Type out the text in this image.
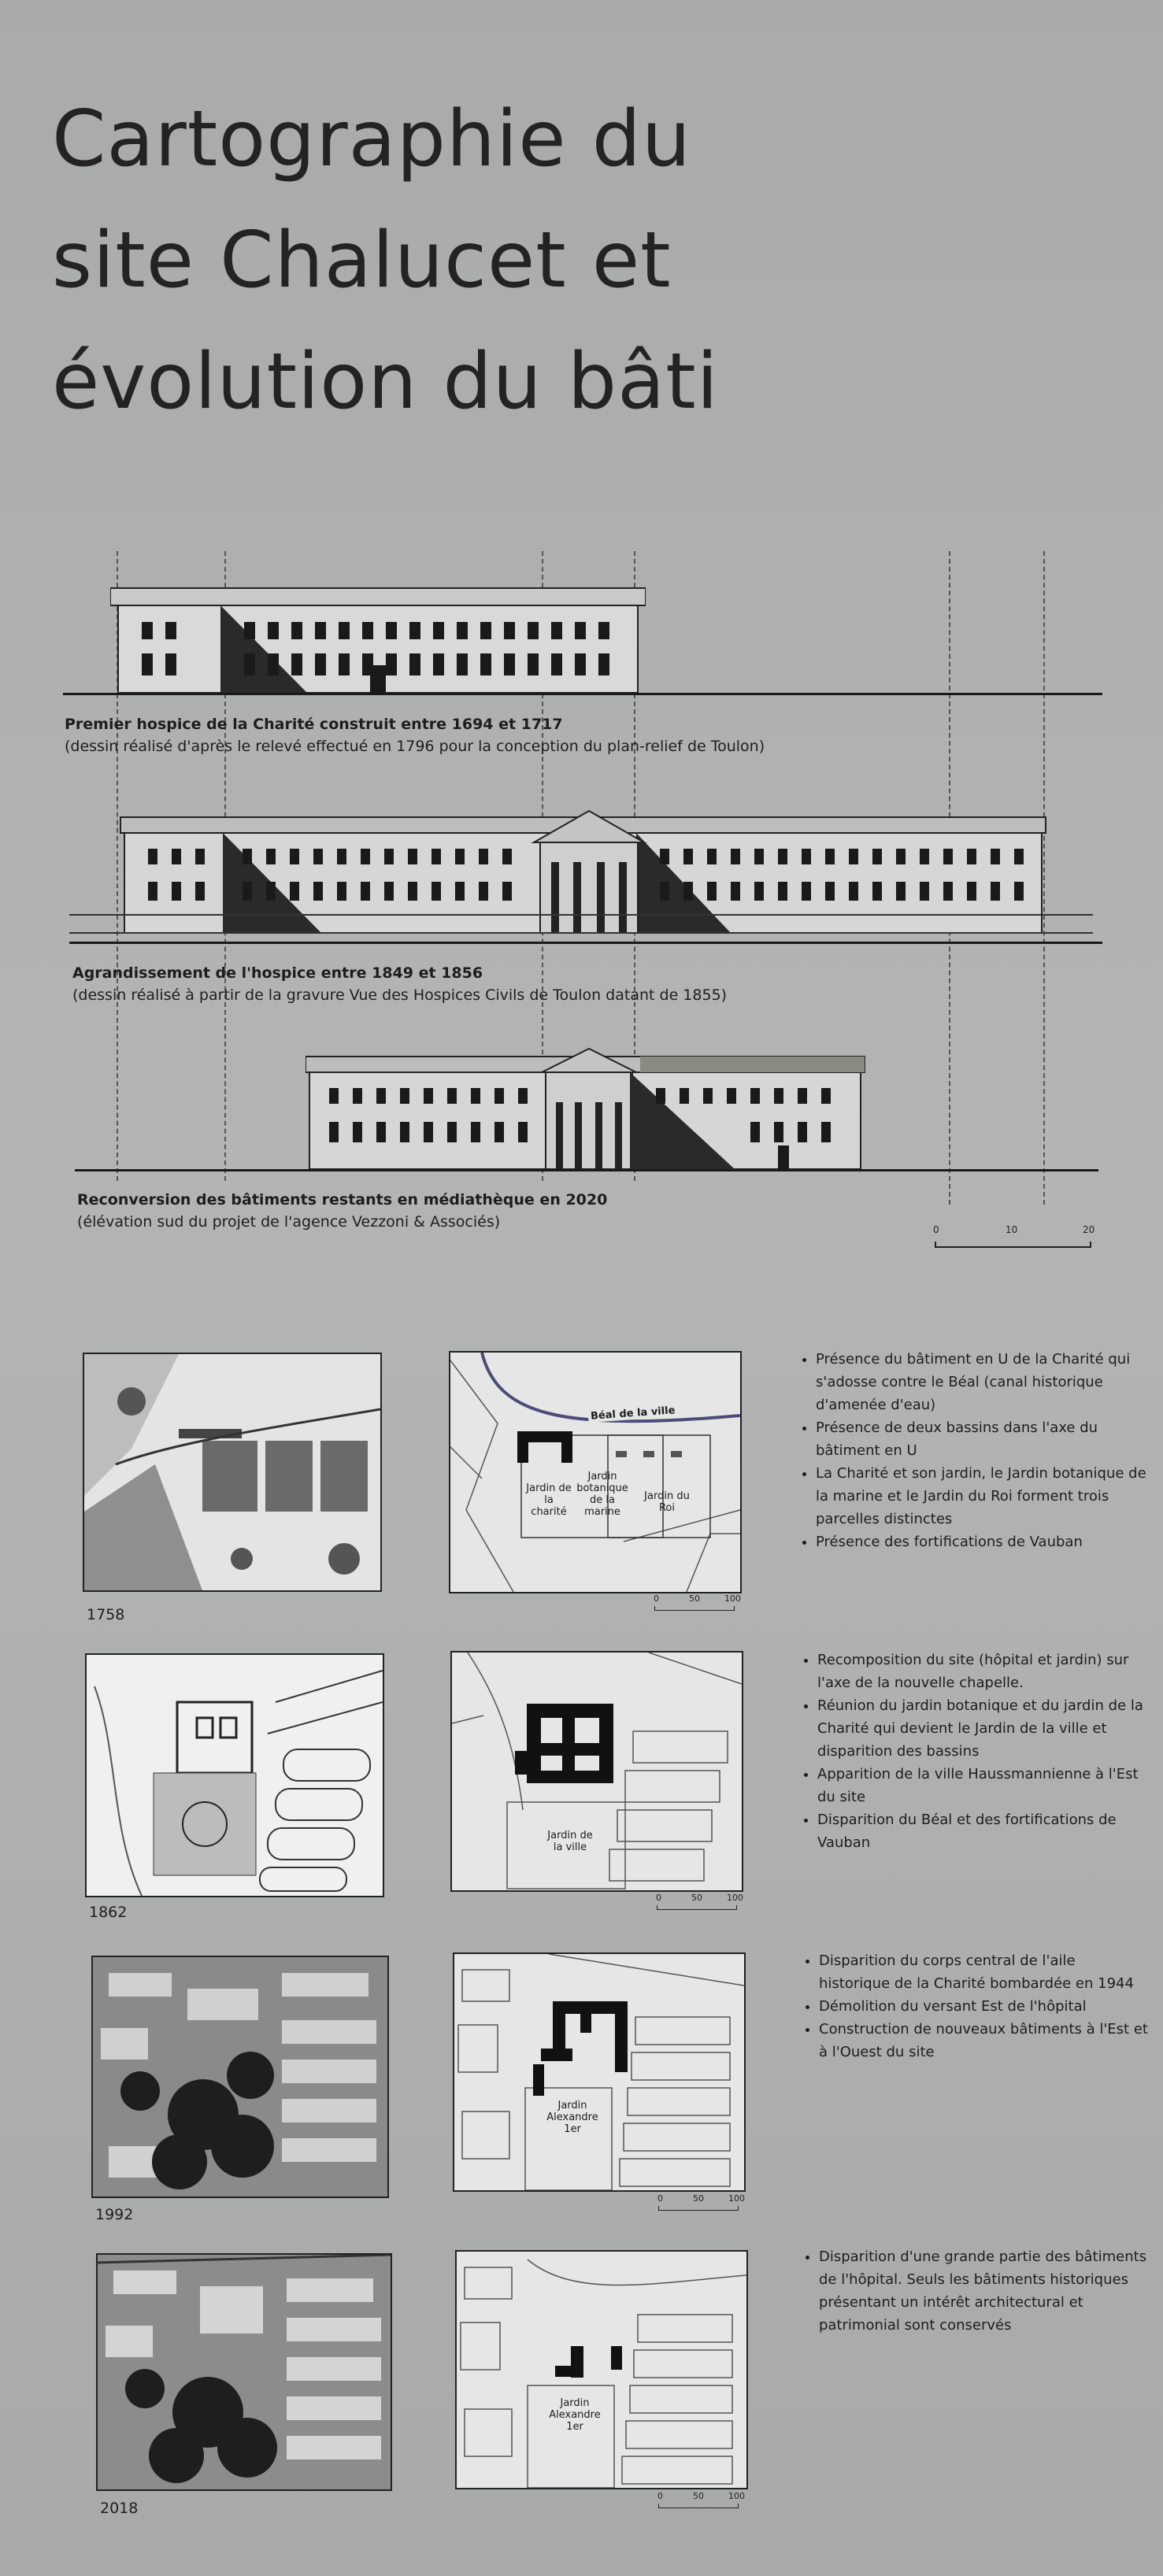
Cartographie du
site Chalucet et
évolution du bâti
Premier hospice de la Charité construit entre 1694 et 1717
(dessin réalisé d'après le relevé effectué en 1796 pour la conception du plan-relief de Toulon)
Agrandissement de l'hospice entre 1849 et 1856
(dessin réalisé à partir de la gravure Vue des Hospices Civils de Toulon datant de 1855)
Reconversion des bâtiments restants en médiathèque en 2020
(élévation sud du projet de l'agence Vezzoni & Associés)	0	10	20
1758
Béal de la ville
Jardin de la charité
Jardin botanique de la marine
Jardin du Roi
0	50	100
• Présence du bâtiment en U de la Charité qui s'adosse contre le Béal (canal historique d'amenée d'eau)
• Présence de deux bassins dans l'axe du bâtiment en U
• La Charité et son jardin, le Jardin botanique de la marine et le Jardin du Roi forment trois parcelles distinctes
• Présence des fortifications de Vauban
1862
Jardin de la ville
0	50	100
• Recomposition du site (hôpital et jardin) sur l'axe de la nouvelle chapelle.
• Réunion du jardin botanique et du jardin de la Charité qui devient le Jardin de la ville et disparition des bassins
• Apparition de la ville Haussmannienne à l'Est du site
• Disparition du Béal et des fortifications de Vauban
1992
Jardin Alexandre 1er
0	50	100
• Disparition du corps central de l'aile historique de la Charité bombardée en 1944
• Démolition du versant Est de l'hôpital
• Construction de nouveaux bâtiments à l'Est et à l'Ouest du site
2018
Jardin Alexandre 1er
0	50	100
• Disparition d'une grande partie des bâtiments de l'hôpital. Seuls les bâtiments historiques présentant un intérêt architectural et patrimonial sont conservés
